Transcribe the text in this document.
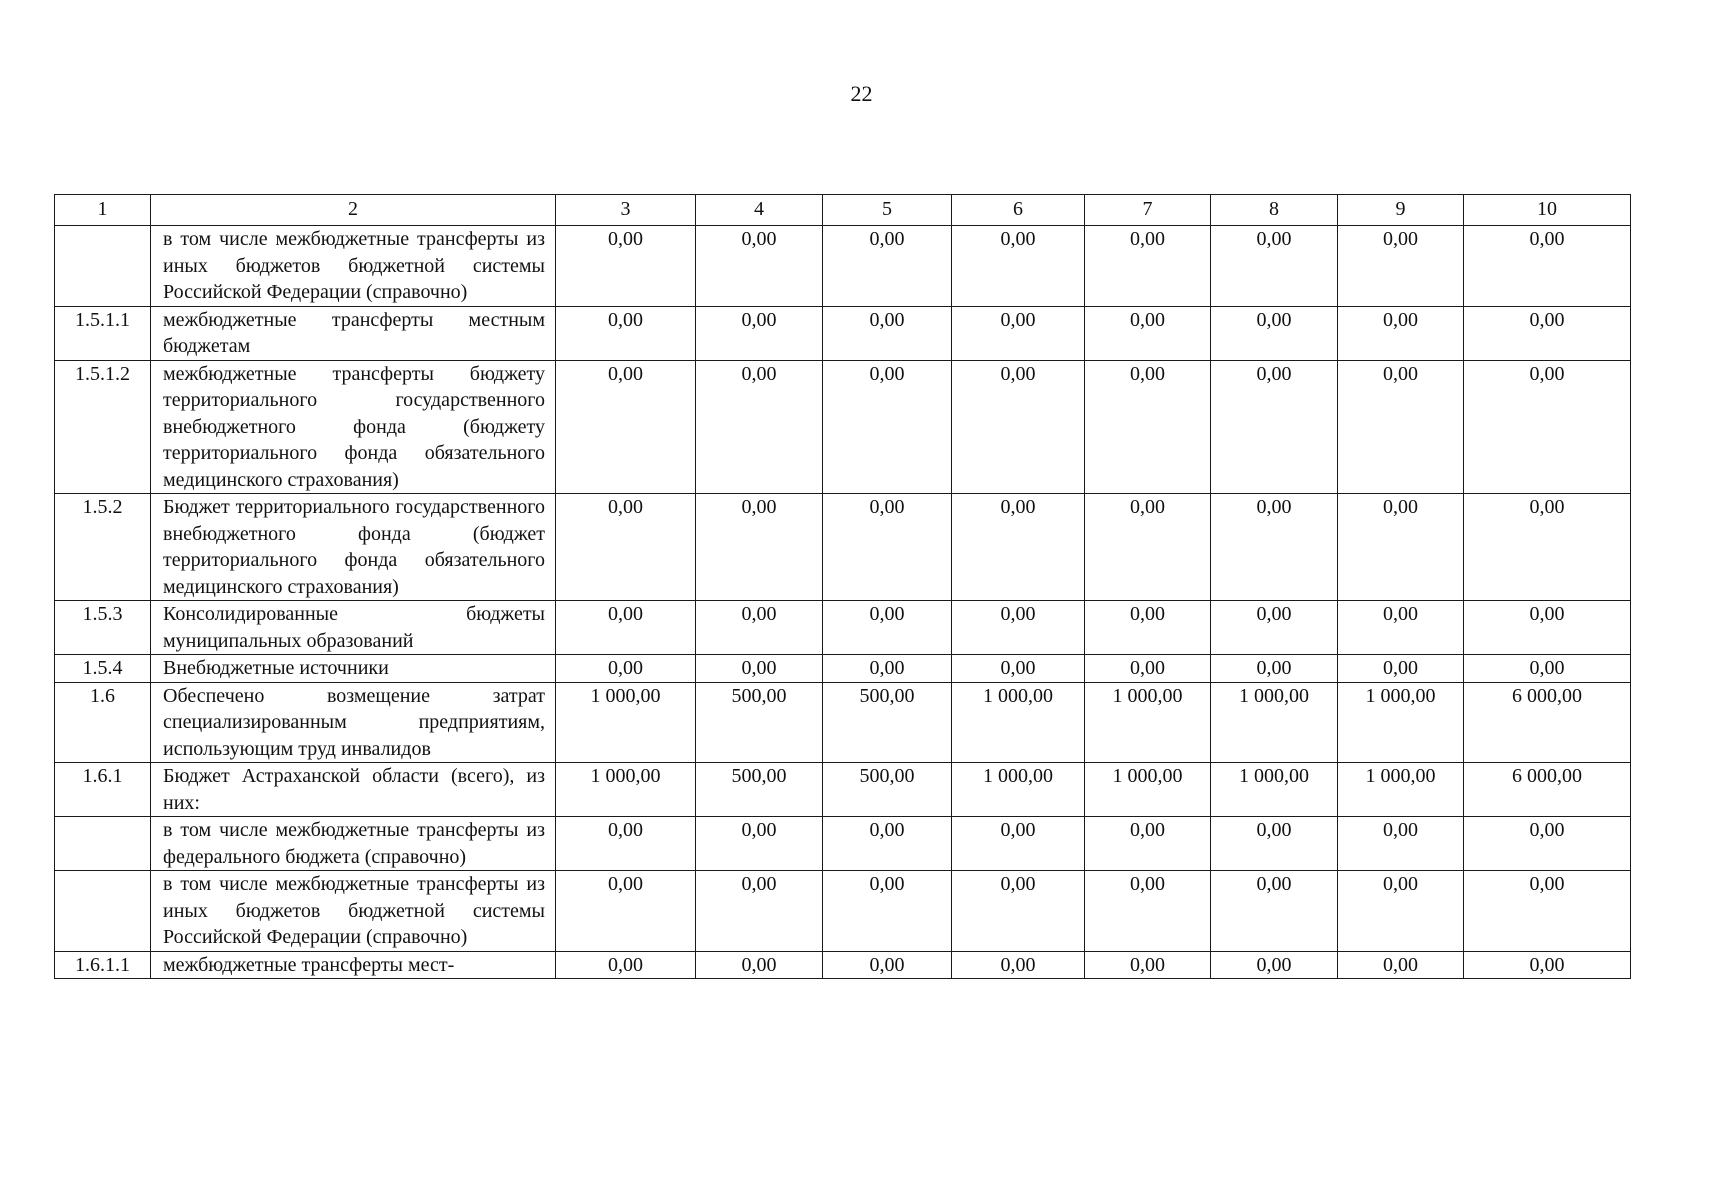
22
1	2	3	4	5	6	7	8	9	10
	в том числе межбюджетные трансферты из иных бюджетов бюджетной системы Российской Федерации (справочно)	0,00	0,00	0,00	0,00	0,00	0,00	0,00	0,00
1.5.1.1	межбюджетные трансферты местным бюджетам	0,00	0,00	0,00	0,00	0,00	0,00	0,00	0,00
1.5.1.2	межбюджетные трансферты бюджету территориального государственного внебюджетного фонда (бюджету территориального фонда обязательного медицинского страхования)	0,00	0,00	0,00	0,00	0,00	0,00	0,00	0,00
1.5.2	Бюджет территориального государственного внебюджетного фонда (бюджет территориального фонда обязательного медицинского страхования)	0,00	0,00	0,00	0,00	0,00	0,00	0,00	0,00
1.5.3	Консолидированные бюджеты муниципальных образований	0,00	0,00	0,00	0,00	0,00	0,00	0,00	0,00
1.5.4	Внебюджетные источники	0,00	0,00	0,00	0,00	0,00	0,00	0,00	0,00
1.6	Обеспечено возмещение затрат специализированным предприятиям, использующим труд инвалидов	1 000,00	500,00	500,00	1 000,00	1 000,00	1 000,00	1 000,00	6 000,00
1.6.1	Бюджет Астраханской области (всего), из них:	1 000,00	500,00	500,00	1 000,00	1 000,00	1 000,00	1 000,00	6 000,00
	в том числе межбюджетные трансферты из федерального бюджета (справочно)	0,00	0,00	0,00	0,00	0,00	0,00	0,00	0,00
	в том числе межбюджетные трансферты из иных бюджетов бюджетной системы Российской Федерации (справочно)	0,00	0,00	0,00	0,00	0,00	0,00	0,00	0,00
1.6.1.1	межбюджетные трансферты мест-	0,00	0,00	0,00	0,00	0,00	0,00	0,00	0,00
